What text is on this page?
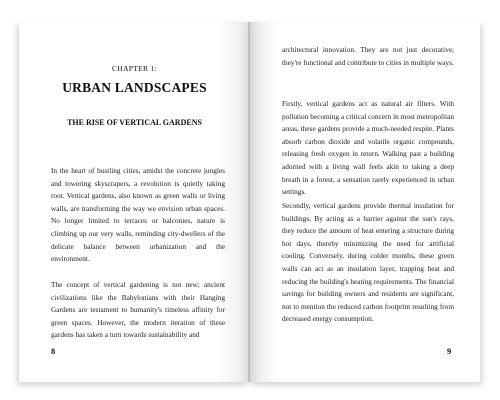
CHAPTER 1:
URBAN LANDSCAPES
THE RISE OF VERTICAL GARDENS

In the heart of bustling cities, amidst the concrete jungles and towering skyscrapers, a revolution is quietly taking root. Vertical gardens, also known as green walls or living walls, are transforming the way we envision urban spaces. No longer limited to terraces or balconies, nature is climbing up our very walls, reminding city-dwellers of the delicate balance between urbanization and the environment.

The concept of vertical gardening is not new; ancient civilizations like the Babylonians with their Hanging Gardens are testament to humanity's timeless affinity for green spaces. However, the modern iteration of these gardens has taken a turn towards sustainability and

8

architectural innovation. They are not just decorative; they're functional and contribute to cities in multiple ways.

Firstly, vertical gardens act as natural air filters. With pollution becoming a critical concern in most metropolitan areas, these gardens provide a much-needed respite. Plants absorb carbon dioxide and volatile organic compounds, releasing fresh oxygen in return. Walking past a building adorned with a living wall feels akin to taking a deep breath in a forest, a sensation rarely experienced in urban settings.

Secondly, vertical gardens provide thermal insulation for buildings. By acting as a barrier against the sun's rays, they reduce the amount of heat entering a structure during hot days, thereby minimizing the need for artificial cooling. Conversely, during colder months, these green walls can act as an insulation layer, trapping heat and reducing the building's heating requirements. The financial savings for building owners and residents are significant, not to mention the reduced carbon footprint resulting from decreased energy consumption.

9
